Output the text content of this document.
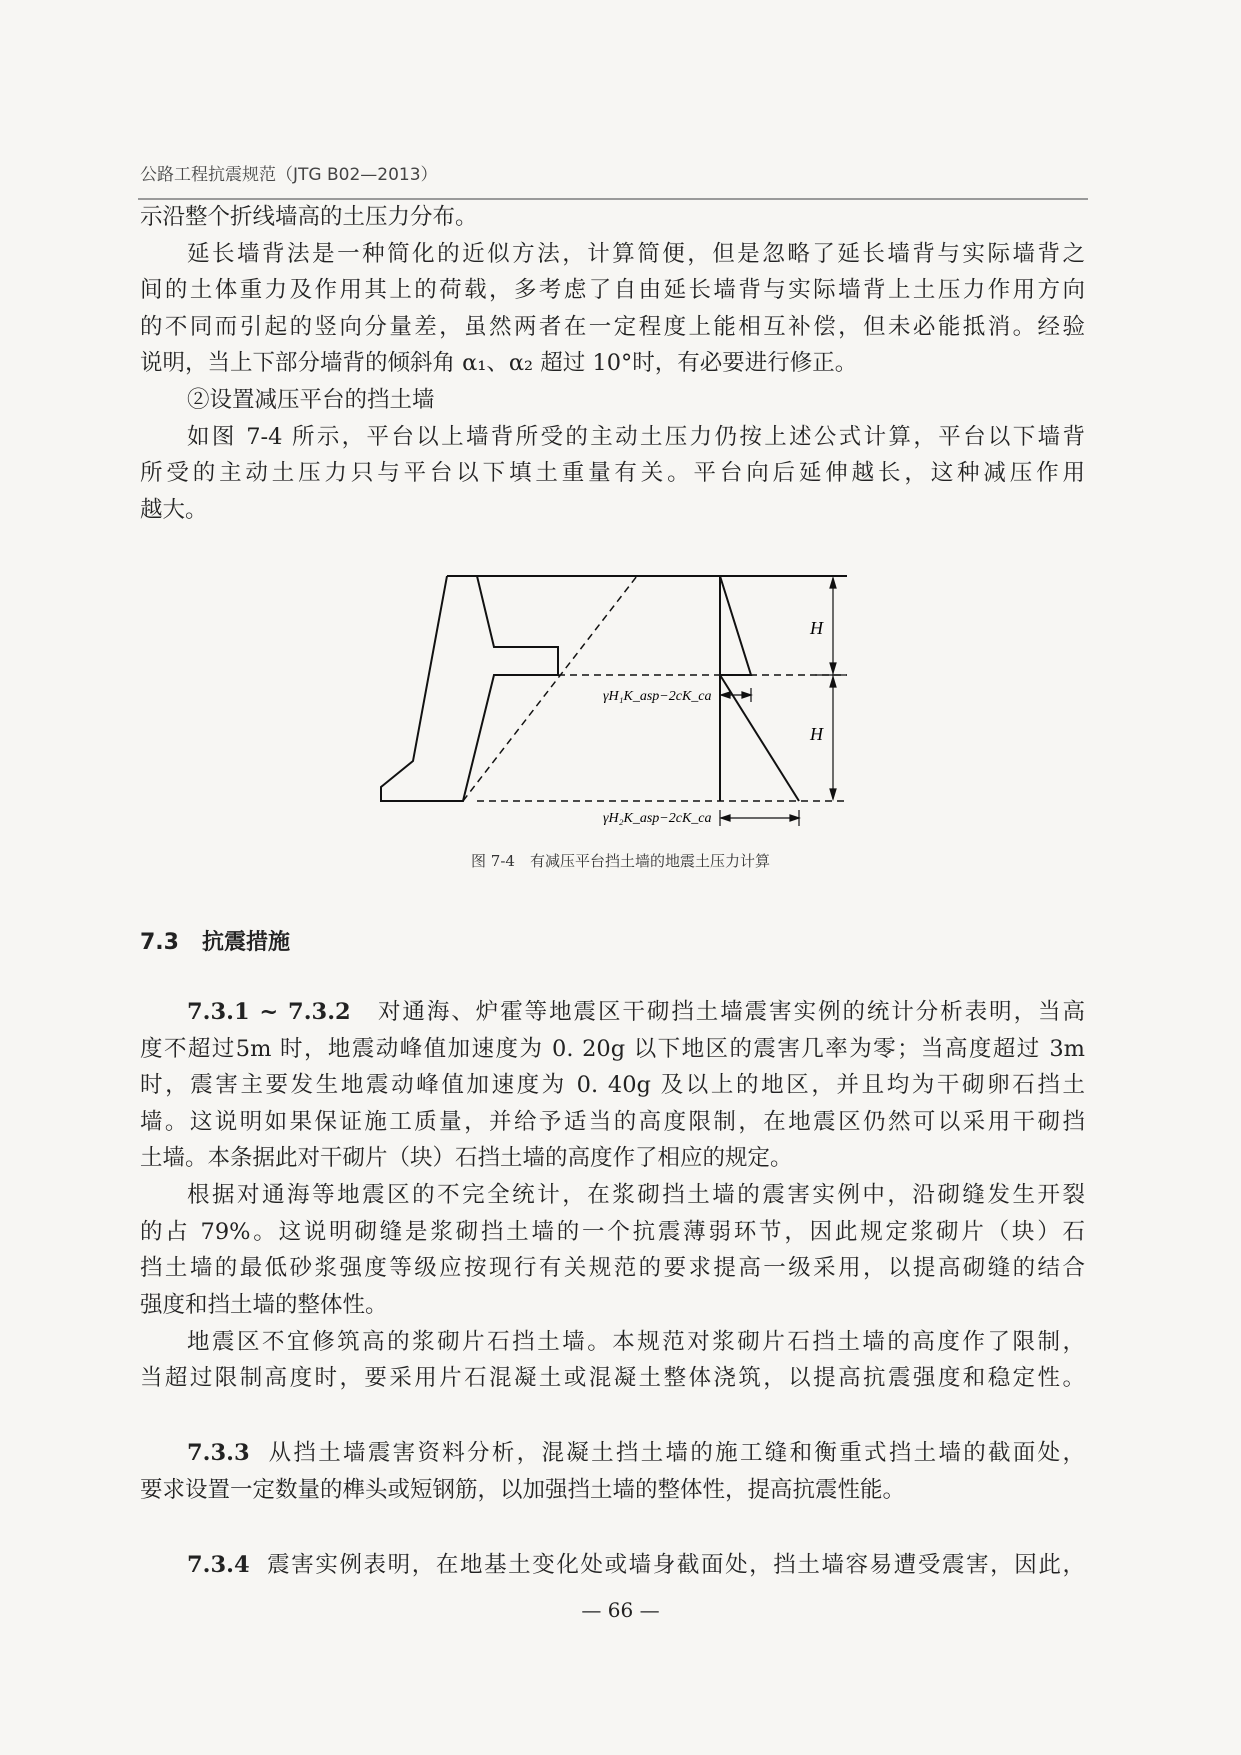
公路工程抗震规范（JTG B02—2013）
示沿整个折线墙高的土压力分布。
延长墙背法是一种简化的近似方法，计算简便，但是忽略了延长墙背与实际墙背之
间的土体重力及作用其上的荷载，多考虑了自由延长墙背与实际墙背上土压力作用方向
的不同而引起的竖向分量差，虽然两者在一定程度上能相互补偿，但未必能抵消。经验
说明，当上下部分墙背的倾斜角 α₁、α₂ 超过 10°时，有必要进行修正。
②设置减压平台的挡土墙
如图 7-4 所示，平台以上墙背所受的主动土压力仍按上述公式计算，平台以下墙背
所受的主动土压力只与平台以下填土重量有关。平台向后延伸越长，这种减压作用
越大。
H
H
γH₁K_asp−2cK_ca
γH₂K_asp−2cK_ca
图 7-4　有减压平台挡土墙的地震土压力计算
7.3 抗震措施
7.3.1 ~ 7.3.2 对通海、炉霍等地震区干砌挡土墙震害实例的统计分析表明，当高
度不超过5m 时，地震动峰值加速度为 0. 20g 以下地区的震害几率为零；当高度超过 3m
时，震害主要发生地震动峰值加速度为 0. 40g 及以上的地区，并且均为干砌卵石挡土
墙。这说明如果保证施工质量，并给予适当的高度限制，在地震区仍然可以采用干砌挡
土墙。本条据此对干砌片（块）石挡土墙的高度作了相应的规定。
根据对通海等地震区的不完全统计，在浆砌挡土墙的震害实例中，沿砌缝发生开裂
的占 79%。这说明砌缝是浆砌挡土墙的一个抗震薄弱环节，因此规定浆砌片（块）石
挡土墙的最低砂浆强度等级应按现行有关规范的要求提高一级采用，以提高砌缝的结合
强度和挡土墙的整体性。
地震区不宜修筑高的浆砌片石挡土墙。本规范对浆砌片石挡土墙的高度作了限制，
当超过限制高度时，要采用片石混凝土或混凝土整体浇筑，以提高抗震强度和稳定性。
7.3.3 从挡土墙震害资料分析，混凝土挡土墙的施工缝和衡重式挡土墙的截面处，
要求设置一定数量的榫头或短钢筋，以加强挡土墙的整体性，提高抗震性能。
7.3.4 震害实例表明，在地基土变化处或墙身截面处，挡土墙容易遭受震害，因此，
— 66 —
